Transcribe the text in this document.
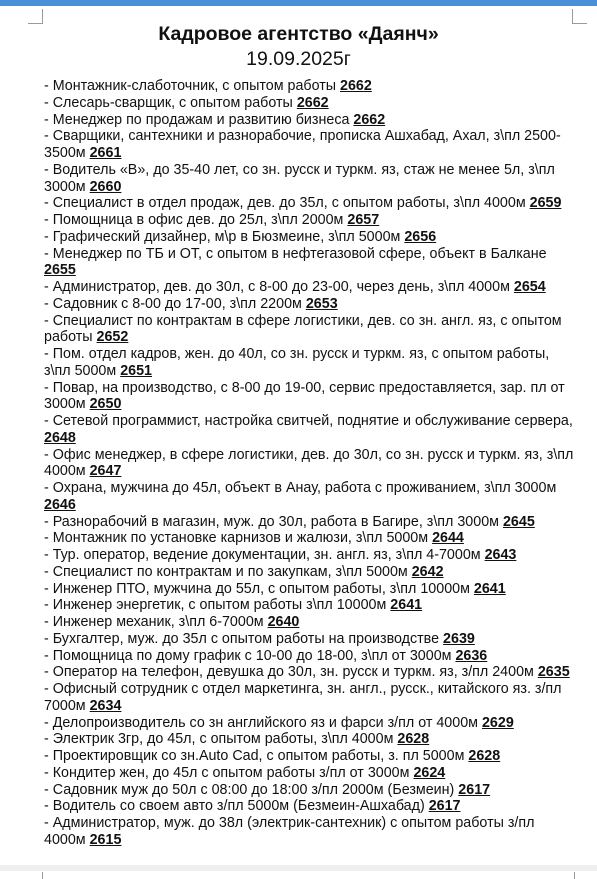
Кадровое агентство «Даянч»
19.09.2025г
- Монтажник-слаботочник, с опытом работы 2662
- Слесарь-сварщик, с опытом работы 2662
- Менеджер по продажам и развитию бизнеса 2662
- Сварщики, сантехники и разнорабочие, прописка Ашхабад, Ахал, з\пл 2500-3500м 2661
- Водитель «В», до 35-40 лет, со зн. русск и туркм. яз, стаж не менее 5л, з\пл 3000м 2660
- Специалист в отдел продаж, дев. до 35л, с опытом работы, з\пл 4000м 2659
- Помощница в офис дев. до 25л, з\пл 2000м 2657
- Графический дизайнер, м\р в Бюзмеине, з\пл 5000м 2656
- Менеджер по ТБ и ОТ, с опытом в нефтегазовой сфере, объект в Балкане 2655
- Администратор, дев. до 30л, с 8-00 до 23-00, через день, з\пл 4000м 2654
- Садовник с 8-00 до 17-00, з\пл 2200м 2653
- Специалист по контрактам в сфере логистики, дев. со зн. англ. яз, с опытом работы 2652
- Пом. отдел кадров, жен. до 40л, со зн. русск и туркм. яз, с опытом работы, з\пл 5000м 2651
- Повар, на производство, с 8-00 до 19-00, сервис предоставляется, зар. пл от 3000м 2650
- Сетевой программист, настройка свитчей, поднятие и обслуживание сервера, 2648
- Офис менеджер, в сфере логистики, дев. до 30л, со зн. русск и туркм. яз, з\пл 4000м 2647
- Охрана, мужчина до 45л, объект в Анау, работа с проживанием, з\пл 3000м 2646
- Разнорабочий в магазин, муж. до 30л, работа в Багире, з\пл 3000м 2645
- Монтажник по установке карнизов и жалюзи, з\пл 5000м 2644
- Тур. оператор, ведение документации, зн. англ. яз, з\пл 4-7000м 2643
- Специалист по контрактам и по закупкам, з\пл 5000м 2642
- Инженер ПТО, мужчина до 55л, с опытом работы, з\пл 10000м 2641
- Инженер энергетик, с опытом работы з\пл 10000м 2641
- Инженер механик, з\пл 6-7000м 2640
- Бухгалтер, муж. до 35л с опытом работы на производстве 2639
- Помощница по дому график с 10-00 до 18-00, з\пл от 3000м 2636
- Оператор на телефон, девушка до 30л, зн. русск и туркм. яз, з/пл 2400м 2635
- Офисный сотрудник с отдел маркетинга, зн. англ., русск., китайского яз. з/пл 7000м 2634
- Делопроизводитель со зн английского яз и фарси з/пл от 4000м 2629
- Электрик 3гр, до 45л, с опытом работы, з\пл 4000м 2628
- Проектировщик со зн.Auto Cad, с опытом работы, з. пл 5000м 2628
- Кондитер жен, до 45л с опытом работы з/пл от 3000м 2624
- Садовник муж до 50л с 08:00 до 18:00 з/пл 2000м (Безмеин) 2617
- Водитель со своем авто з/пл 5000м (Безмеин-Ашхабад) 2617
- Администратор, муж. до 38л (электрик-сантехник) с опытом работы з/пл 4000м 2615
